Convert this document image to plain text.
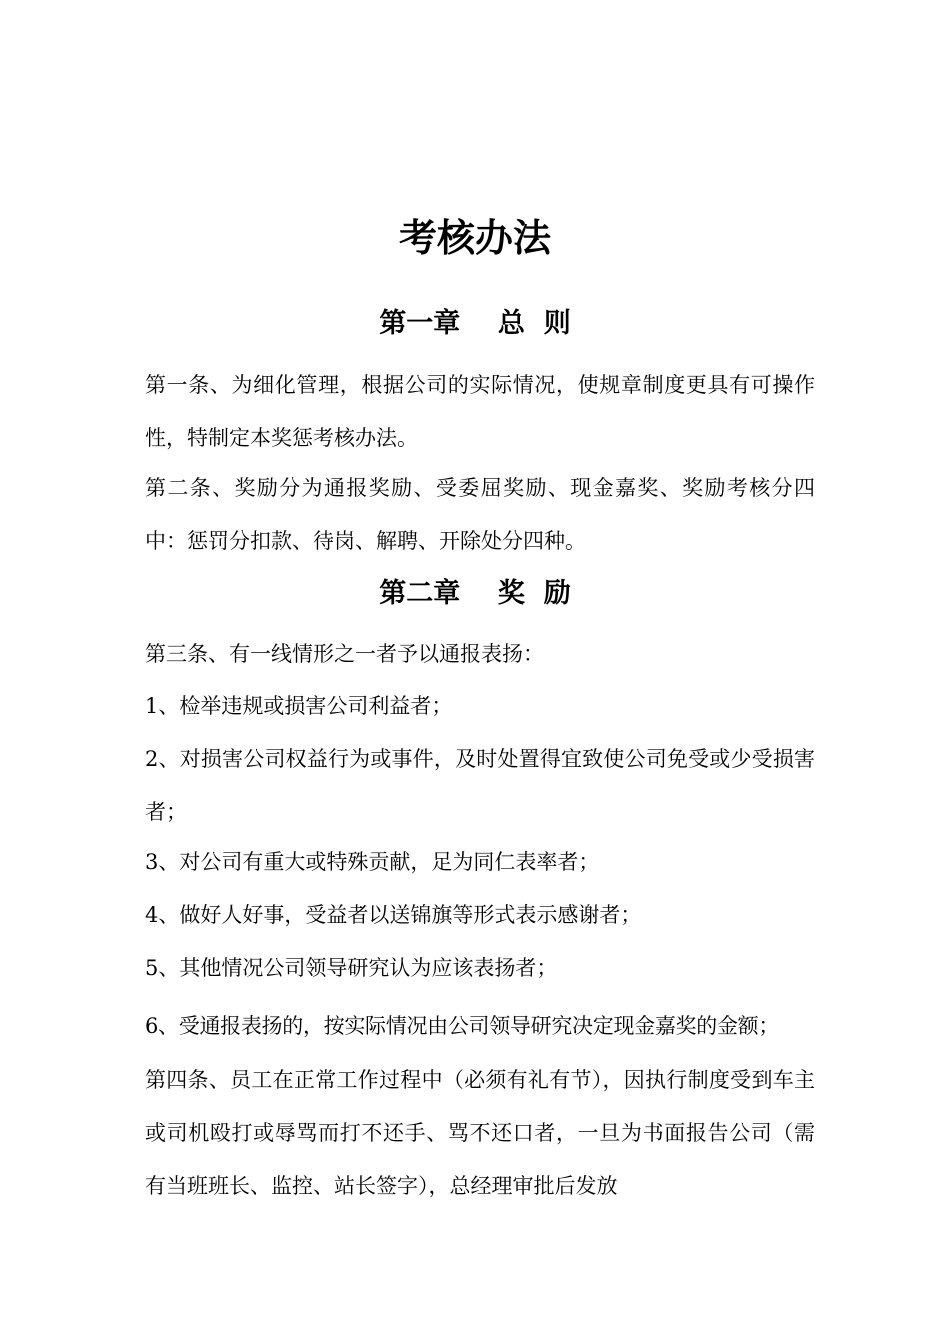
考核办法
第一章    总  则

第一条、为细化管理，根据公司的实际情况，使规章制度更具有可操作性，特制定本奖惩考核办法。

第二条、奖励分为通报奖励、受委屈奖励、现金嘉奖、奖励考核分四中：惩罚分扣款、待岗、解聘、开除处分四种。

第二章    奖  励

第三条、有一线情形之一者予以通报表扬：

1、检举违规或损害公司利益者；

2、对损害公司权益行为或事件，及时处置得宜致使公司免受或少受损害者；

3、对公司有重大或特殊贡献，足为同仁表率者；

4、做好人好事，受益者以送锦旗等形式表示感谢者；

5、其他情况公司领导研究认为应该表扬者；

6、受通报表扬的，按实际情况由公司领导研究决定现金嘉奖的金额；

第四条、员工在正常工作过程中（必须有礼有节），因执行制度受到车主或司机殴打或辱骂而打不还手、骂不还口者，一旦为书面报告公司（需有当班班长、监控、站长签字），总经理审批后发放
